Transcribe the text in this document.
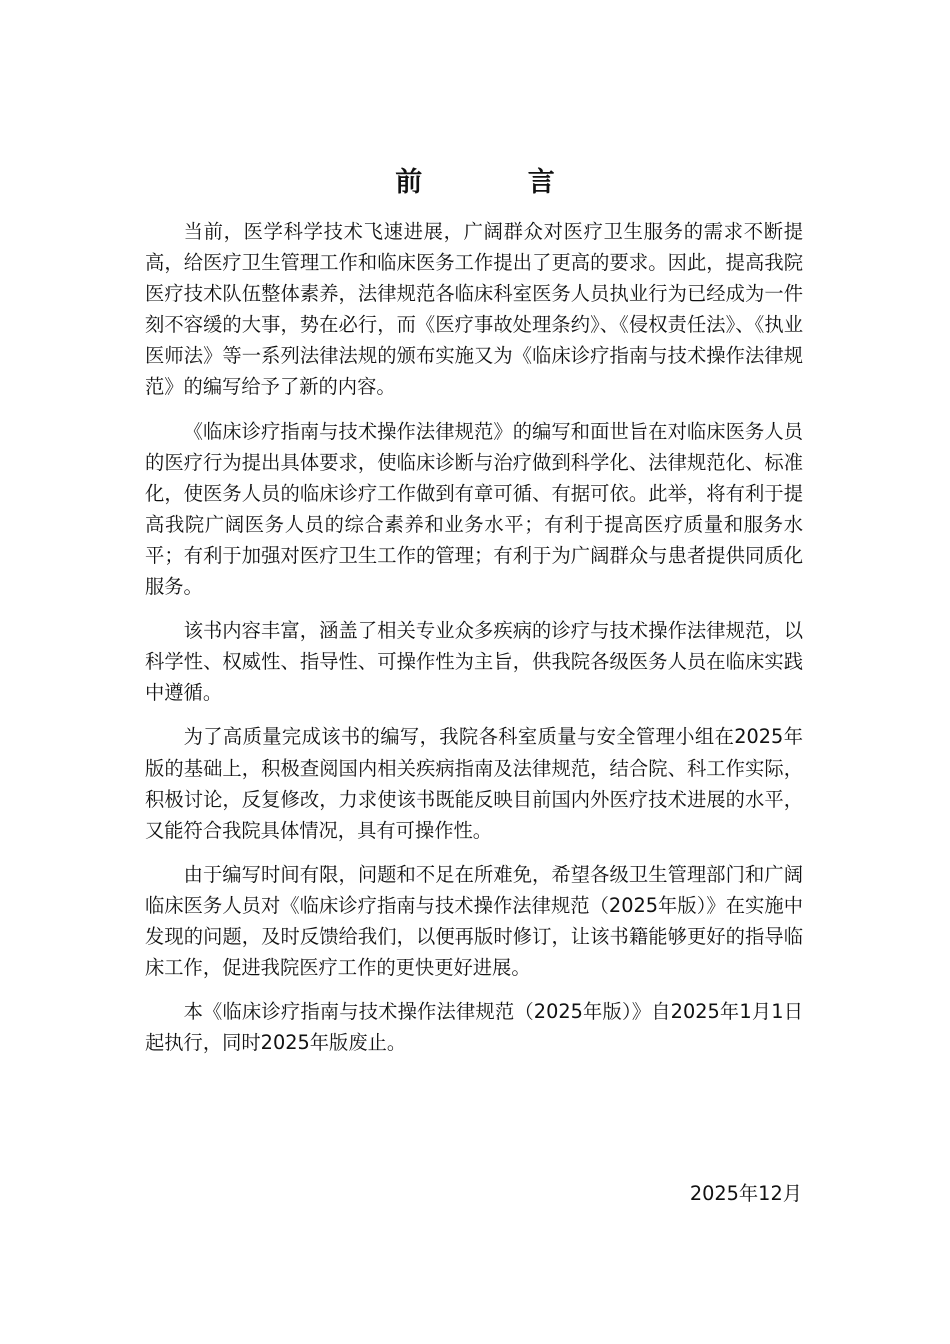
前 言

当前，医学科学技术飞速进展，广阔群众对医疗卫生服务的需求不断提高，给医疗卫生管理工作和临床医务工作提出了更高的要求。因此，提高我院医疗技术队伍整体素养，法律规范各临床科室医务人员执业行为已经成为一件刻不容缓的大事，势在必行，而《医疗事故处理条约》、《侵权责任法》、《执业医师法》等一系列法律法规的颁布实施又为《临床诊疗指南与技术操作法律规范》的编写给予了新的内容。

《临床诊疗指南与技术操作法律规范》的编写和面世旨在对临床医务人员的医疗行为提出具体要求，使临床诊断与治疗做到科学化、法律规范化、标准化，使医务人员的临床诊疗工作做到有章可循、有据可依。此举，将有利于提高我院广阔医务人员的综合素养和业务水平；有利于提高医疗质量和服务水平；有利于加强对医疗卫生工作的管理；有利于为广阔群众与患者提供同质化服务。

该书内容丰富，涵盖了相关专业众多疾病的诊疗与技术操作法律规范，以科学性、权威性、指导性、可操作性为主旨，供我院各级医务人员在临床实践中遵循。

为了高质量完成该书的编写，我院各科室质量与安全管理小组在2025年版的基础上，积极查阅国内相关疾病指南及法律规范，结合院、科工作实际，积极讨论，反复修改，力求使该书既能反映目前国内外医疗技术进展的水平，又能符合我院具体情况，具有可操作性。

由于编写时间有限，问题和不足在所难免，希望各级卫生管理部门和广阔临床医务人员对《临床诊疗指南与技术操作法律规范（2025年版）》在实施中发现的问题，及时反馈给我们，以便再版时修订，让该书籍能够更好的指导临床工作，促进我院医疗工作的更快更好进展。

本《临床诊疗指南与技术操作法律规范（2025年版）》自2025年1月1日起执行，同时2025年版废止。

2025年12月
